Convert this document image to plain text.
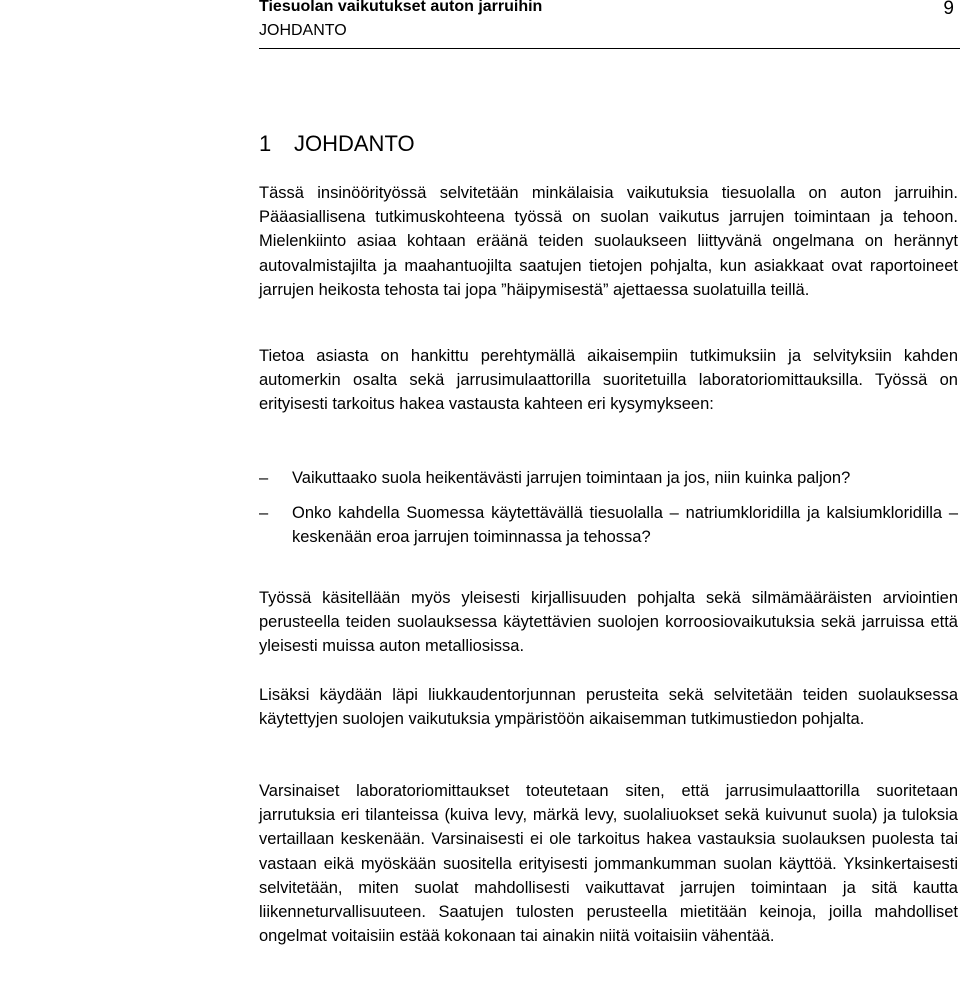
Tiesuolan vaikutukset auton jarruihin
JOHDANTO
9
1 JOHDANTO

Tässä insinöörityössä selvitetään minkälaisia vaikutuksia tiesuolalla on auton jarruihin. Pääasiallisena tutkimuskohteena työssä on suolan vaikutus jarrujen toimintaan ja tehoon. Mielenkiinto asiaa kohtaan eräänä teiden suolaukseen liittyvänä ongelmana on herännyt autovalmistajilta ja maahantuojilta saatujen tietojen pohjalta, kun asiakkaat ovat raportoineet jarrujen heikosta tehosta tai jopa ”häipymisestä” ajettaessa suolatuilla teillä.

Tietoa asiasta on hankittu perehtymällä aikaisempiin tutkimuksiin ja selvityksiin kahden automerkin osalta sekä jarrusimulaattorilla suoritetuilla laboratoriomittauksilla. Työssä on erityisesti tarkoitus hakea vastausta kahteen eri kysymykseen:

– Vaikuttaako suola heikentävästi jarrujen toimintaan ja jos, niin kuinka paljon?
– Onko kahdella Suomessa käytettävällä tiesuolalla – natriumkloridilla ja kalsiumkloridilla – keskenään eroa jarrujen toiminnassa ja tehossa?

Työssä käsitellään myös yleisesti kirjallisuuden pohjalta sekä silmämääräisten arviointien perusteella teiden suolauksessa käytettävien suolojen korroosiovaikutuksia sekä jarruissa että yleisesti muissa auton metalliosissa.

Lisäksi käydään läpi liukkaudentorjunnan perusteita sekä selvitetään teiden suolauksessa käytettyjen suolojen vaikutuksia ympäristöön aikaisemman tutkimustiedon pohjalta.

Varsinaiset laboratoriomittaukset toteutetaan siten, että jarrusimulaattorilla suoritetaan jarrutuksia eri tilanteissa (kuiva levy, märkä levy, suolaliuokset sekä kuivunut suola) ja tuloksia vertaillaan keskenään. Varsinaisesti ei ole tarkoitus hakea vastauksia suolauksen puolesta tai vastaan eikä myöskään suositella erityisesti jommankumman suolan käyttöä. Yksinkertaisesti selvitetään, miten suolat mahdollisesti vaikuttavat jarrujen toimintaan ja sitä kautta liikenneturvallisuuteen. Saatujen tulosten perusteella mietitään keinoja, joilla mahdolliset ongelmat voitaisiin estää kokonaan tai ainakin niitä voitaisiin vähentää.
